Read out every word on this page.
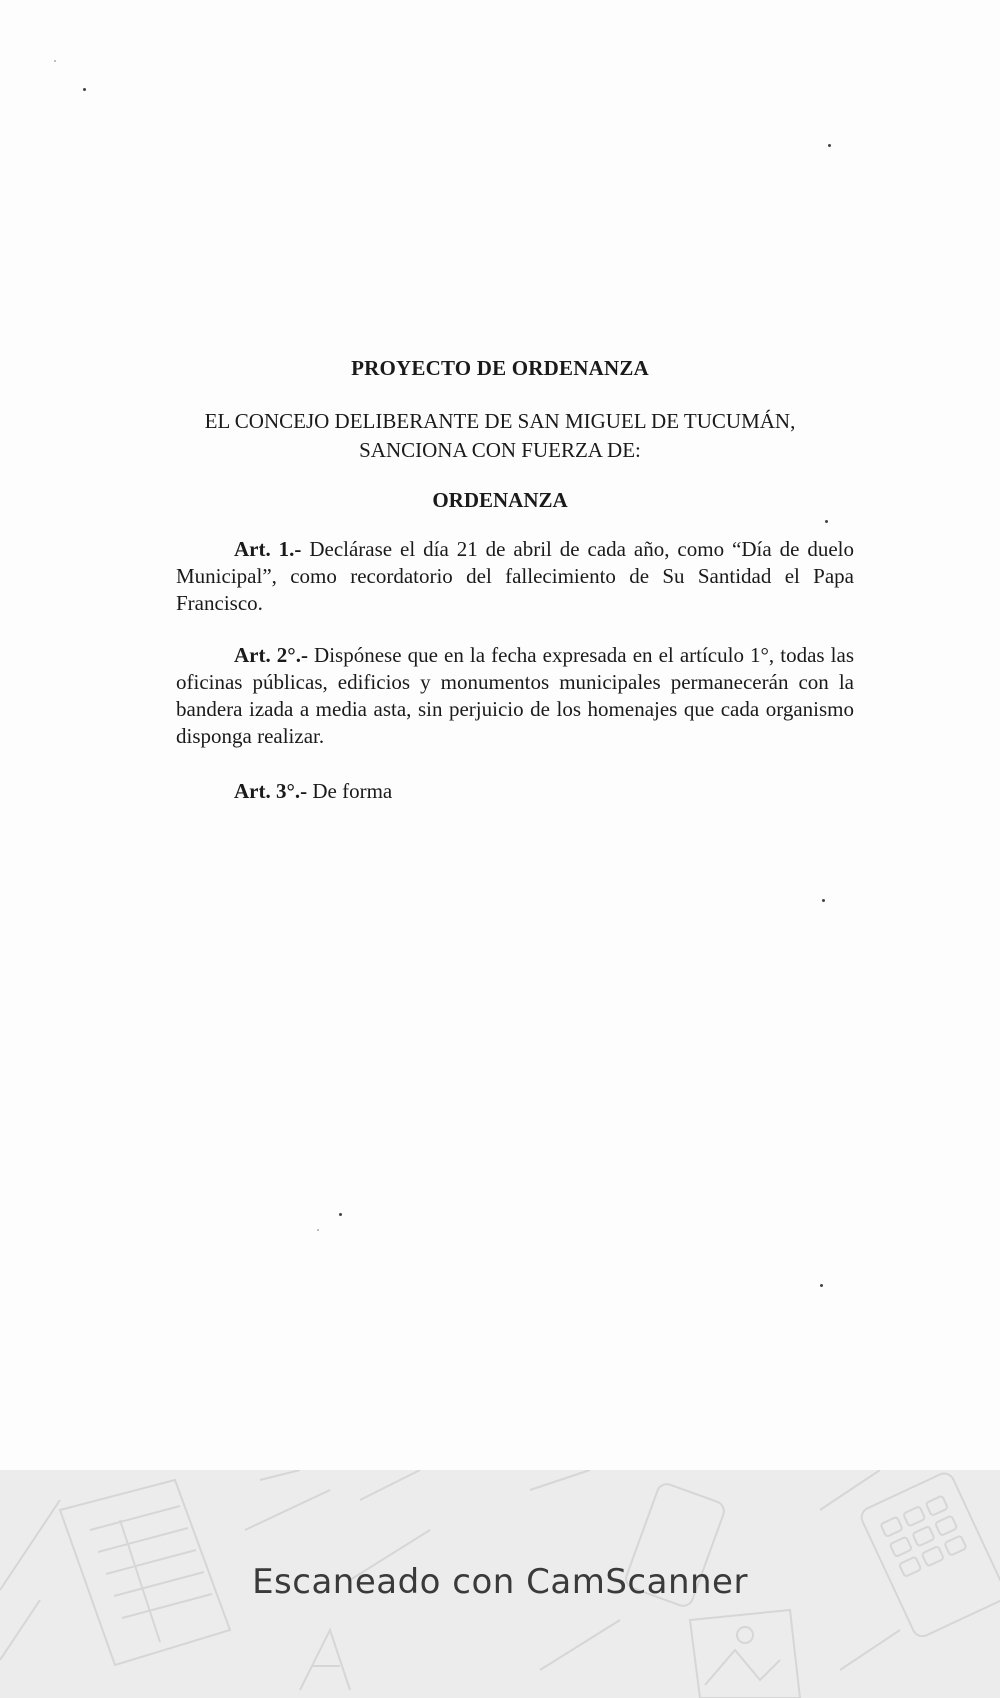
PROYECTO DE ORDENANZA
EL CONCEJO DELIBERANTE DE SAN MIGUEL DE TUCUMÁN,
SANCIONA CON FUERZA DE:
ORDENANZA

Art. 1.- Declárase el día 21 de abril de cada año, como “Día de duelo Municipal”, como recordatorio del fallecimiento de Su Santidad el Papa Francisco.

Art. 2°.- Dispónese que en la fecha expresada en el artículo 1°, todas las oficinas públicas, edificios y monumentos municipales permanecerán con la bandera izada a media asta, sin perjuicio de los homenajes que cada organismo disponga realizar.

Art. 3°.- De forma

Escaneado con CamScanner
